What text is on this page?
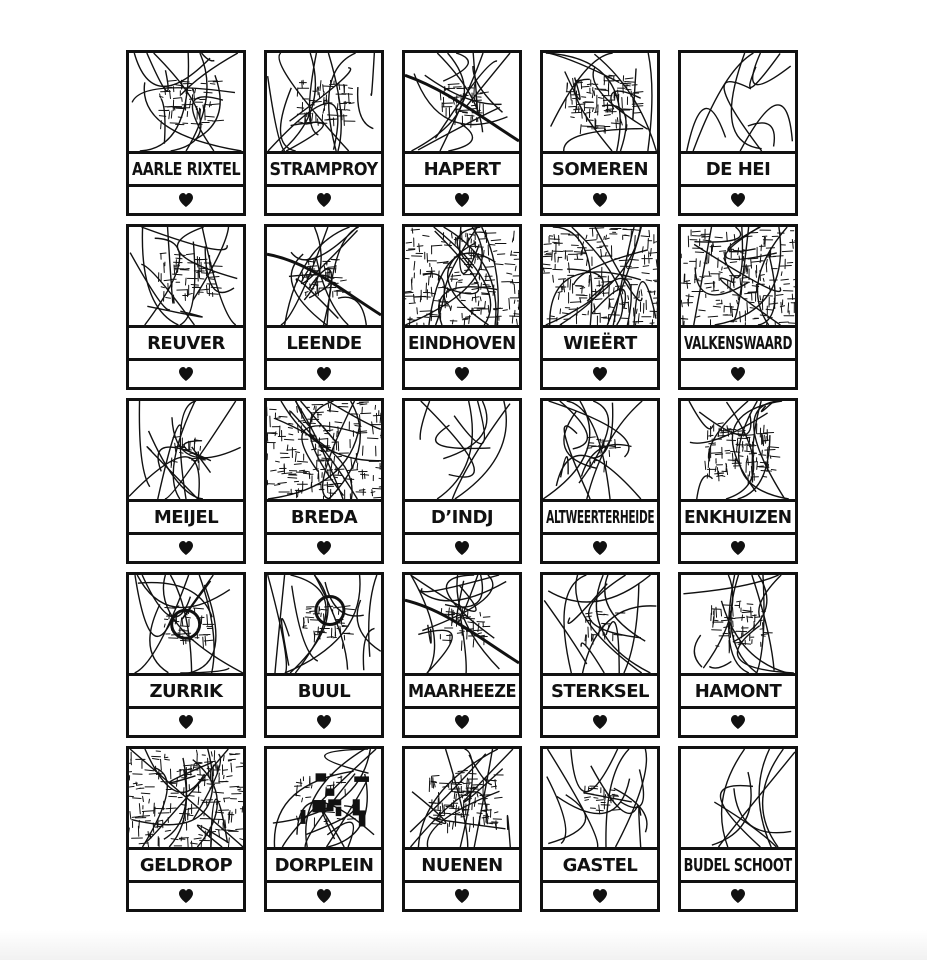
AARLE RIXTEL STRAMPROY	HAPERT	SOMEREN	DE HEI
REUVER	LEENDE	EINDHOVEN	WIEËRT	VALKENSWAARD
MEIJEL	BREDA	D’INDJ	ALTWEERTERHEIDE ENKHUIZEN
ZURRIK	BUUL	MAARHEEZE STERKSEL	HAMONT
GELDROP DORPLEIN	NUENEN	GASTEL	BUDEL SCHOOT
